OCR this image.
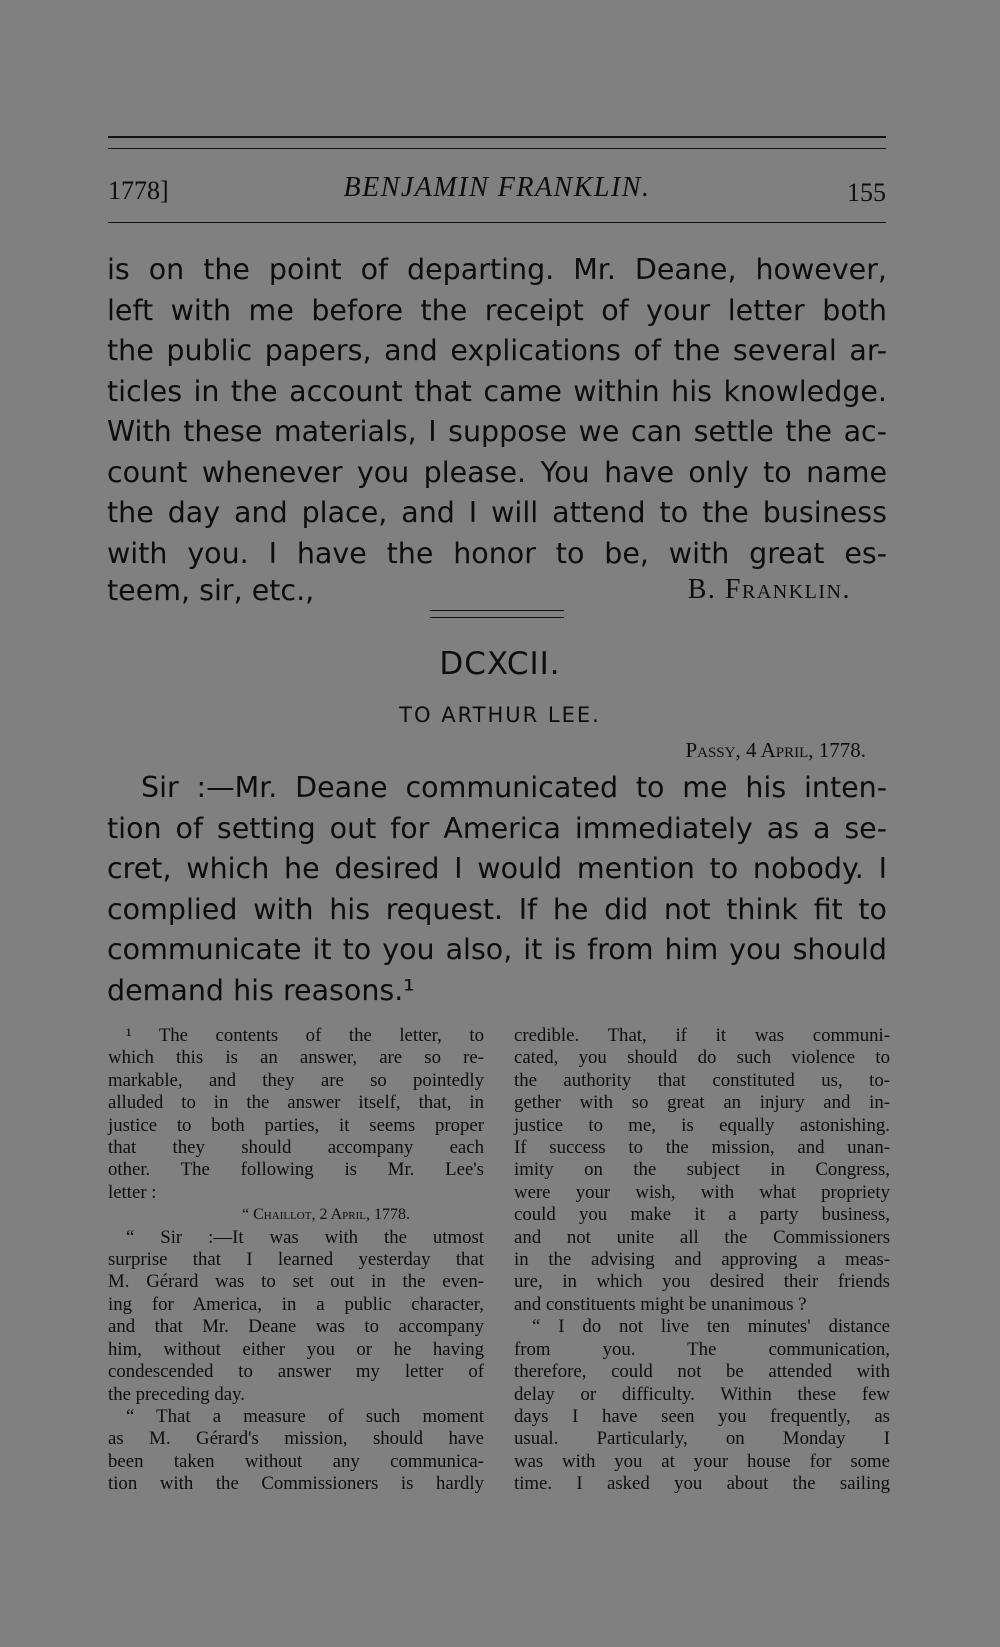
1778]	BENJAMIN FRANKLIN.	155
is on the point of departing. Mr. Deane, however,
left with me before the receipt of your letter both
the public papers, and explications of the several ar-
ticles in the account that came within his knowledge.
With these materials, I suppose we can settle the ac-
count whenever you please. You have only to name
the day and place, and I will attend to the business
with you. I have the honor to be, with great es-
teem, sir, etc.,	B. Franklin.
DCXCII.
TO ARTHUR LEE.
Passy, 4 April, 1778.
Sir :—Mr. Deane communicated to me his inten-
tion of setting out for America immediately as a se-
cret, which he desired I would mention to nobody. I
complied with his request. If he did not think fit to
communicate it to you also, it is from him you should
demand his reasons.¹
¹ The contents of the letter, to
which this is an answer, are so re-
markable, and they are so pointedly
alluded to in the answer itself, that, in
justice to both parties, it seems proper
that they should accompany each
other. The following is Mr. Lee's
letter :
“ Chaillot, 2 April, 1778.
“ Sir :—It was with the utmost
surprise that I learned yesterday that
M. Gérard was to set out in the even-
ing for America, in a public character,
and that Mr. Deane was to accompany
him, without either you or he having
condescended to answer my letter of
the preceding day.
“ That a measure of such moment
as M. Gérard's mission, should have
been taken without any communica-
tion with the Commissioners is hardly
credible. That, if it was communi-
cated, you should do such violence to
the authority that constituted us, to-
gether with so great an injury and in-
justice to me, is equally astonishing.
If success to the mission, and unan-
imity on the subject in Congress,
were your wish, with what propriety
could you make it a party business,
and not unite all the Commissioners
in the advising and approving a meas-
ure, in which you desired their friends
and constituents might be unanimous ?
“ I do not live ten minutes' distance
from you. The communication,
therefore, could not be attended with
delay or difficulty. Within these few
days I have seen you frequently, as
usual. Particularly, on Monday I
was with you at your house for some
time. I asked you about the sailing
